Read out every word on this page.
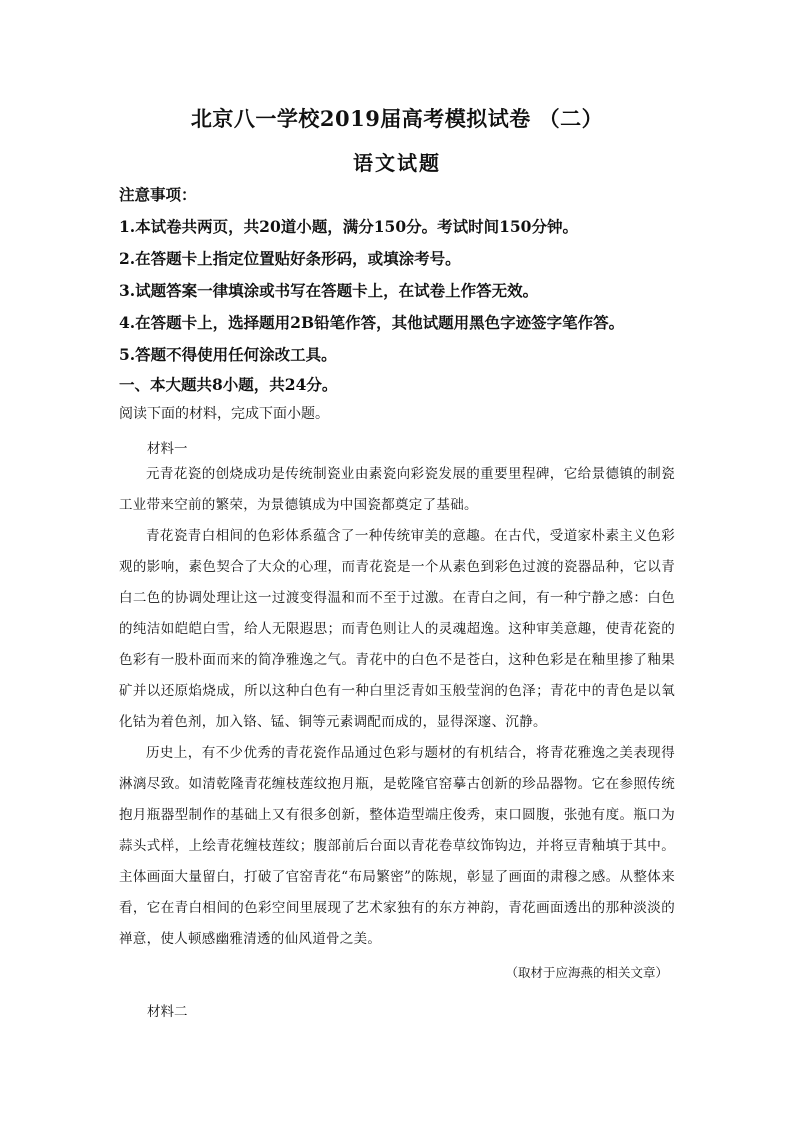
北京八一学校2019届高考模拟试卷 （二）
语文试题
注意事项：
1.本试卷共两页，共20道小题，满分150分。考试时间150分钟。
2.在答题卡上指定位置贴好条形码，或填涂考号。
3.试题答案一律填涂或书写在答题卡上，在试卷上作答无效。
4.在答题卡上，选择题用2B铅笔作答，其他试题用黑色字迹签字笔作答。
5.答题不得使用任何涂改工具。
一、本大题共8小题，共24分。
阅读下面的材料，完成下面小题。
材料一

元青花瓷的创烧成功是传统制瓷业由素瓷向彩瓷发展的重要里程碑，它给景德镇的制瓷工业带来空前的繁荣，为景德镇成为中国瓷都奠定了基础。

青花瓷青白相间的色彩体系蕴含了一种传统审美的意趣。在古代，受道家朴素主义色彩观的影响，素色契合了大众的心理，而青花瓷是一个从素色到彩色过渡的瓷器品种，它以青白二色的协调处理让这一过渡变得温和而不至于过激。在青白之间，有一种宁静之感：白色的纯洁如皑皑白雪，给人无限遐思；而青色则让人的灵魂超逸。这种审美意趣，使青花瓷的色彩有一股朴面而来的简净雅逸之气。青花中的白色不是苍白，这种色彩是在釉里掺了釉果矿并以还原焰烧成，所以这种白色有一种白里泛青如玉般莹润的色泽；青花中的青色是以氧化钴为着色剂，加入铬、锰、铜等元素调配而成的，显得深邃、沉静。

历史上，有不少优秀的青花瓷作品通过色彩与题材的有机结合，将青花雅逸之美表现得淋漓尽致。如清乾隆青花缠枝莲纹抱月瓶，是乾隆官窑摹古创新的珍品器物。它在参照传统抱月瓶器型制作的基础上又有很多创新，整体造型端庄俊秀，束口圆腹，张弛有度。瓶口为蒜头式样，上绘青花缠枝莲纹；腹部前后台面以青花卷草纹饰钩边，并将豆青釉填于其中。主体画面大量留白，打破了官窑青花“布局繁密”的陈规，彰显了画面的肃穆之感。从整体来看，它在青白相间的色彩空间里展现了艺术家独有的东方神韵，青花画面透出的那种淡淡的禅意，使人顿感幽雅清透的仙风道骨之美。

（取材于应海燕的相关文章）
材料二
